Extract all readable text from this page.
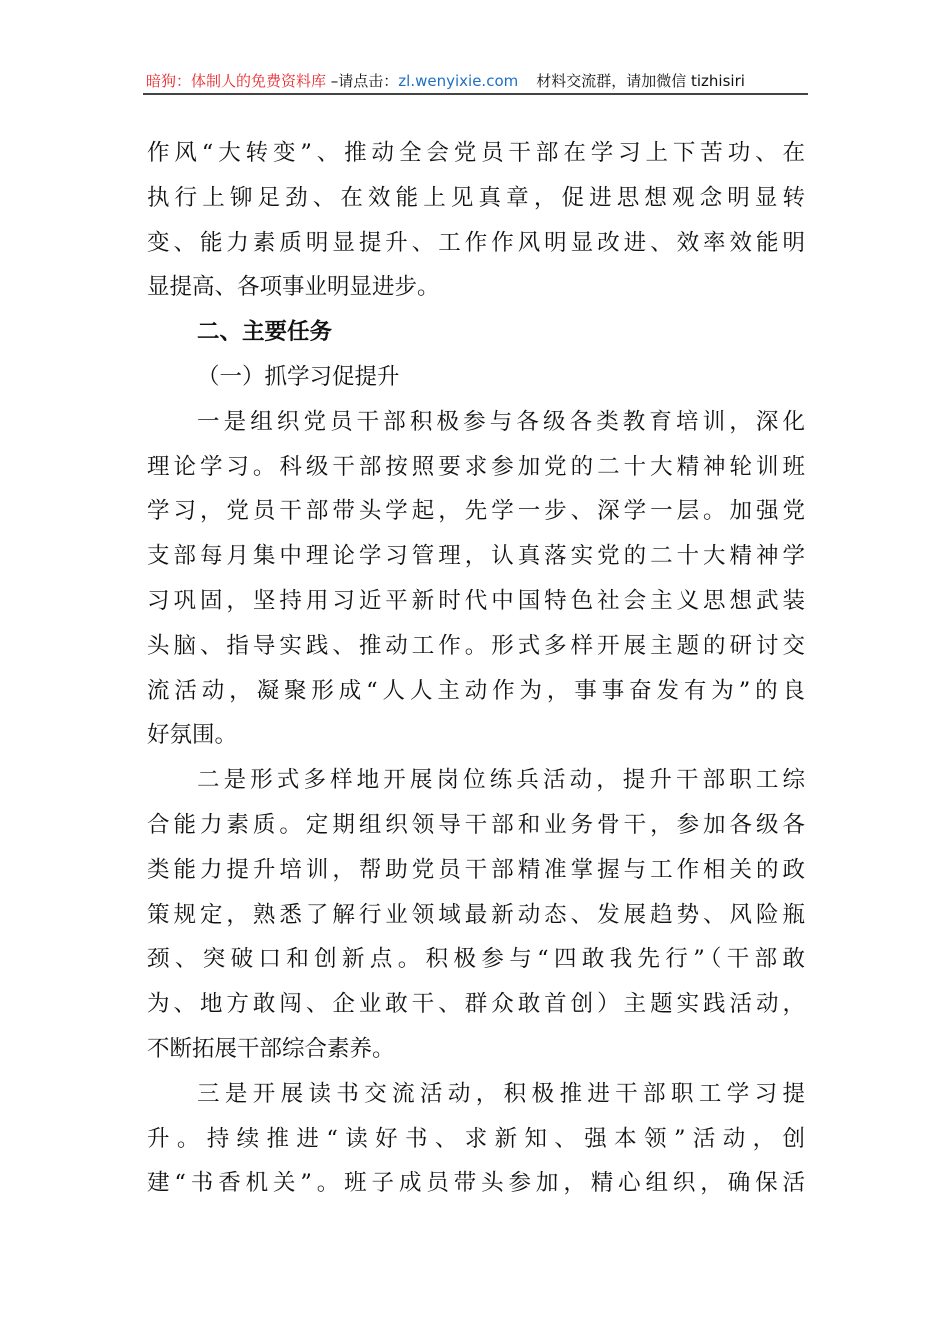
暗狗：体制人的免费资料库 –请点击：zl.wenyixie.com 材料交流群，请加微信 tizhisiri
作风“大转变”、推动全会党员干部在学习上下苦功、在
执行上铆足劲、在效能上见真章，促进思想观念明显转
变、能力素质明显提升、工作作风明显改进、效率效能明
显提高、各项事业明显进步。
二、主要任务
（一）抓学习促提升
一是组织党员干部积极参与各级各类教育培训，深化
理论学习。科级干部按照要求参加党的二十大精神轮训班
学习，党员干部带头学起，先学一步、深学一层。加强党
支部每月集中理论学习管理，认真落实党的二十大精神学
习巩固，坚持用习近平新时代中国特色社会主义思想武装
头脑、指导实践、推动工作。形式多样开展主题的研讨交
流活动，凝聚形成“人人主动作为，事事奋发有为”的良
好氛围。
二是形式多样地开展岗位练兵活动，提升干部职工综
合能力素质。定期组织领导干部和业务骨干，参加各级各
类能力提升培训，帮助党员干部精准掌握与工作相关的政
策规定，熟悉了解行业领域最新动态、发展趋势、风险瓶
颈、突破口和创新点。积极参与“四敢我先行”（干部敢
为、地方敢闯、企业敢干、群众敢首创）主题实践活动，
不断拓展干部综合素养。
三是开展读书交流活动，积极推进干部职工学习提
升。持续推进“读好书、求新知、强本领”活动，创
建“书香机关”。班子成员带头参加，精心组织，确保活
